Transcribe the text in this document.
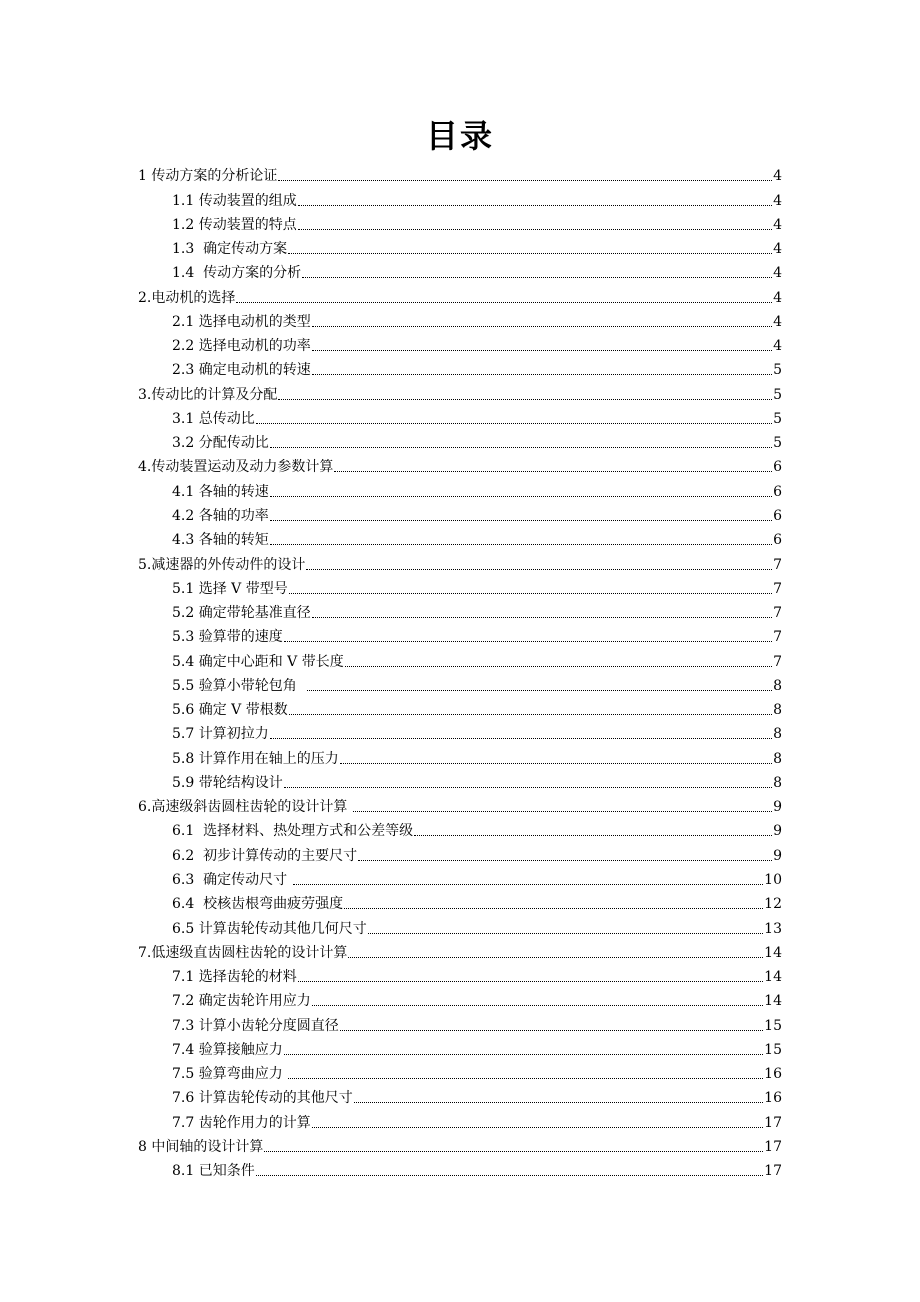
目录
1 传动方案的分析论证	4
1.1 传动装置的组成	4
1.2 传动装置的特点	4
1.3  确定传动方案	4
1.4  传动方案的分析	4
2.电动机的选择	4
2.1 选择电动机的类型	4
2.2 选择电动机的功率	4
2.3 确定电动机的转速	5
3.传动比的计算及分配	5
3.1 总传动比	5
3.2 分配传动比	5
4.传动装置运动及动力参数计算	6
4.1 各轴的转速	6
4.2 各轴的功率	6
4.3 各轴的转矩	6
5.减速器的外传动件的设计	7
5.1 选择 V 带型号	7
5.2 确定带轮基准直径	7
5.3 验算带的速度	7
5.4 确定中心距和 V 带长度	7
5.5 验算小带轮包角	8
5.6 确定 V 带根数	8
5.7 计算初拉力	8
5.8 计算作用在轴上的压力	8
5.9 带轮结构设计	8
6.高速级斜齿圆柱齿轮的设计计算	9
6.1  选择材料、热处理方式和公差等级	9
6.2  初步计算传动的主要尺寸	9
6.3  确定传动尺寸	10
6.4  校核齿根弯曲疲劳强度	12
6.5 计算齿轮传动其他几何尺寸	13
7.低速级直齿圆柱齿轮的设计计算	14
7.1 选择齿轮的材料	14
7.2 确定齿轮许用应力	14
7.3 计算小齿轮分度圆直径	15
7.4 验算接触应力	15
7.5 验算弯曲应力	16
7.6 计算齿轮传动的其他尺寸	16
7.7 齿轮作用力的计算	17
8 中间轴的设计计算	17
8.1 已知条件	17
